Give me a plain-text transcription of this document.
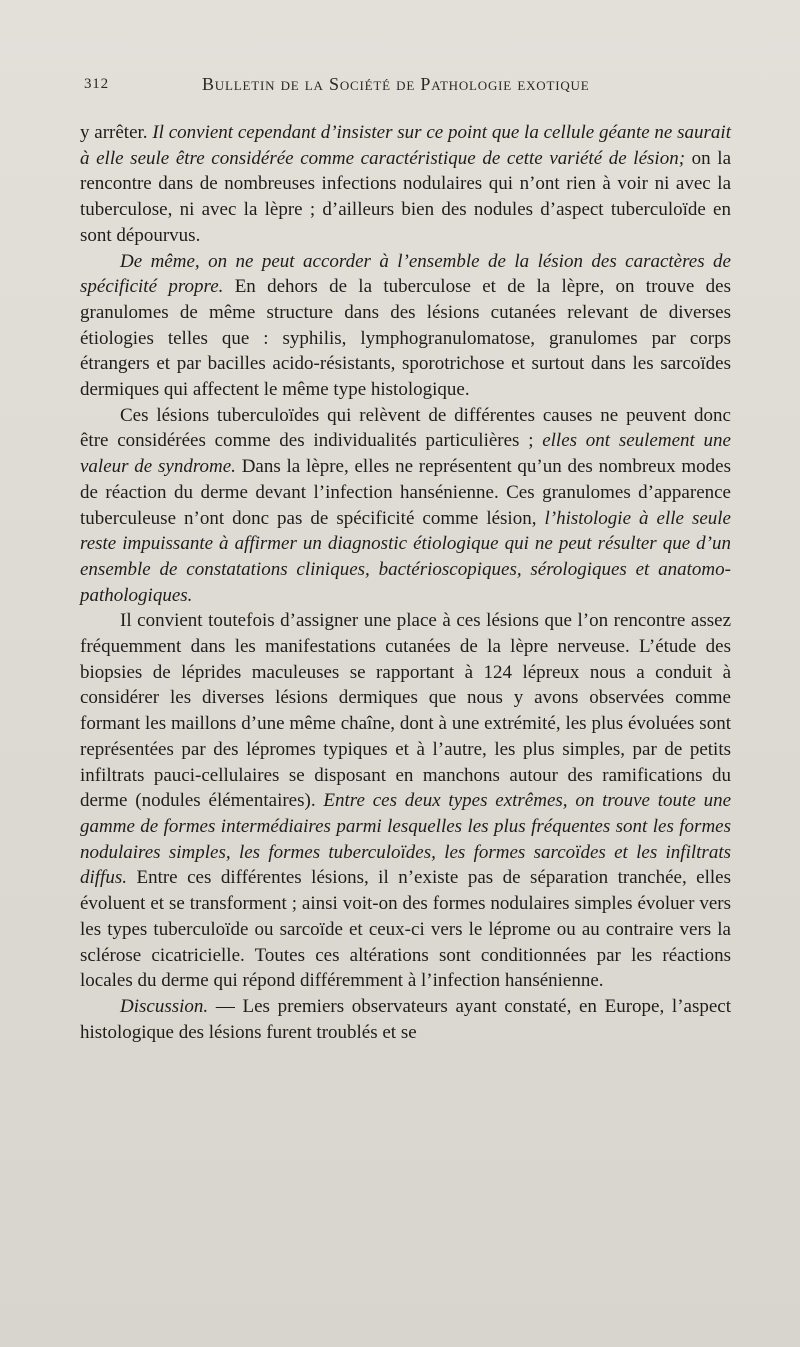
312	Bulletin de la Société de Pathologie exotique

y arrêter. Il convient cependant d’insister sur ce point que la cellule géante ne saurait à elle seule être considérée comme caractéristique de cette variété de lésion; on la rencontre dans de nombreuses infections nodulaires qui n’ont rien à voir ni avec la tuberculose, ni avec la lèpre ; d’ailleurs bien des nodules d’aspect tuberculoïde en sont dépourvus.

De même, on ne peut accorder à l’ensemble de la lésion des caractères de spécificité propre. En dehors de la tuberculose et de la lèpre, on trouve des granulomes de même structure dans des lésions cutanées relevant de diverses étiologies telles que : syphilis, lymphogranulomatose, granulomes par corps étrangers et par bacilles acido-résistants, sporotrichose et surtout dans les sarcoïdes dermiques qui affectent le même type histologique.

Ces lésions tuberculoïdes qui relèvent de différentes causes ne peuvent donc être considérées comme des individualités particulières ; elles ont seulement une valeur de syndrome. Dans la lèpre, elles ne représentent qu’un des nombreux modes de réaction du derme devant l’infection hansénienne. Ces granulomes d’apparence tuberculeuse n’ont donc pas de spécificité comme lésion, l’histologie à elle seule reste impuissante à affirmer un diagnostic étiologique qui ne peut résulter que d’un ensemble de constatations cliniques, bactérioscopiques, sérologiques et anatomo-pathologiques.

Il convient toutefois d’assigner une place à ces lésions que l’on rencontre assez fréquemment dans les manifestations cutanées de la lèpre nerveuse. L’étude des biopsies de léprides maculeuses se rapportant à 124 lépreux nous a conduit à considérer les diverses lésions dermiques que nous y avons observées comme formant les maillons d’une même chaîne, dont à une extrémité, les plus évoluées sont représentées par des lépromes typiques et à l’autre, les plus simples, par de petits infiltrats pauci-cellulaires se disposant en manchons autour des ramifications du derme (nodules élémentaires). Entre ces deux types extrêmes, on trouve toute une gamme de formes intermédiaires parmi lesquelles les plus fréquentes sont les formes nodulaires simples, les formes tuberculoïdes, les formes sarcoïdes et les infiltrats diffus. Entre ces différentes lésions, il n’existe pas de séparation tranchée, elles évoluent et se transforment ; ainsi voit-on des formes nodulaires simples évoluer vers les types tuberculoïde ou sarcoïde et ceux-ci vers le léprome ou au contraire vers la sclérose cicatricielle. Toutes ces altérations sont conditionnées par les réactions locales du derme qui répond différemment à l’infection hansénienne.

Discussion. — Les premiers observateurs ayant constaté, en Europe, l’aspect histologique des lésions furent troublés et se
